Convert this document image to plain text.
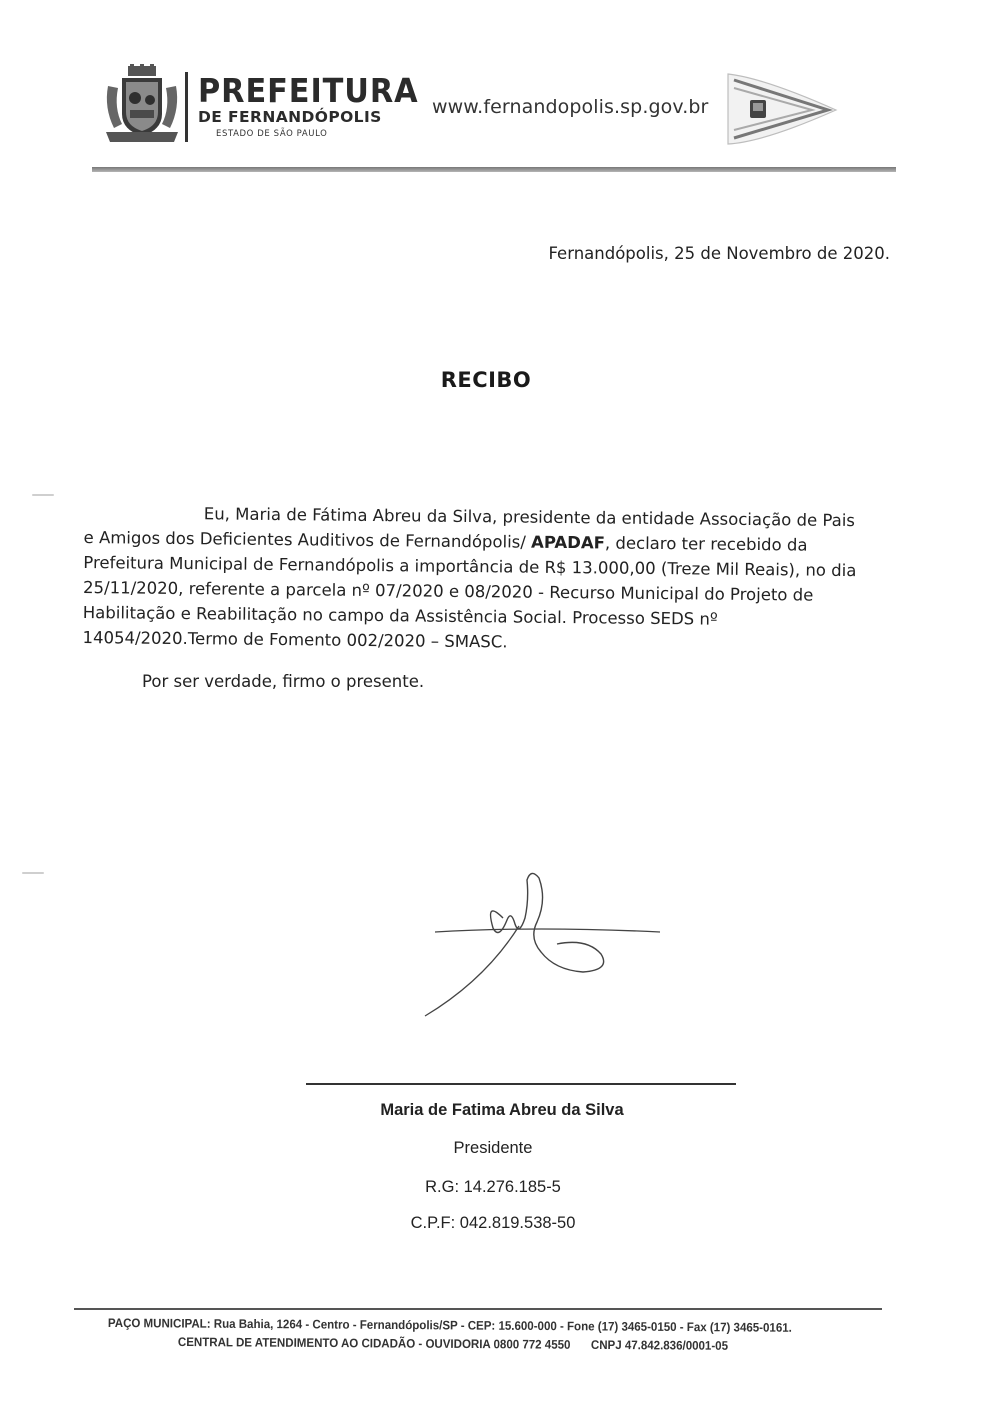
PREFEITURA
DE FERNANDÓPOLIS
ESTADO DE SÃO PAULO
www.fernandopolis.sp.gov.br
Fernandópolis, 25 de Novembro de 2020.
RECIBO
Eu, Maria de Fátima Abreu da Silva, presidente da entidade Associação de Pais e Amigos dos Deficientes Auditivos de Fernandópolis/ APADAF, declaro ter recebido da Prefeitura Municipal de Fernandópolis a importância de R$ 13.000,00 (Treze Mil Reais), no dia 25/11/2020, referente a parcela nº 07/2020 e 08/2020 - Recurso Municipal do Projeto de Habilitação e Reabilitação no campo da Assistência Social. Processo SEDS nº 14054/2020.Termo de Fomento 002/2020 – SMASC.
Por ser verdade, firmo o presente.
Maria de Fatima Abreu da Silva
Presidente
R.G: 14.276.185-5
C.P.F: 042.819.538-50
PAÇO MUNICIPAL: Rua Bahia, 1264 - Centro - Fernandópolis/SP - CEP: 15.600-000 - Fone (17) 3465-0150 - Fax (17) 3465-0161.
CENTRAL DE ATENDIMENTO AO CIDADÃO - OUVIDORIA 0800 772 4550 CNPJ 47.842.836/0001-05
